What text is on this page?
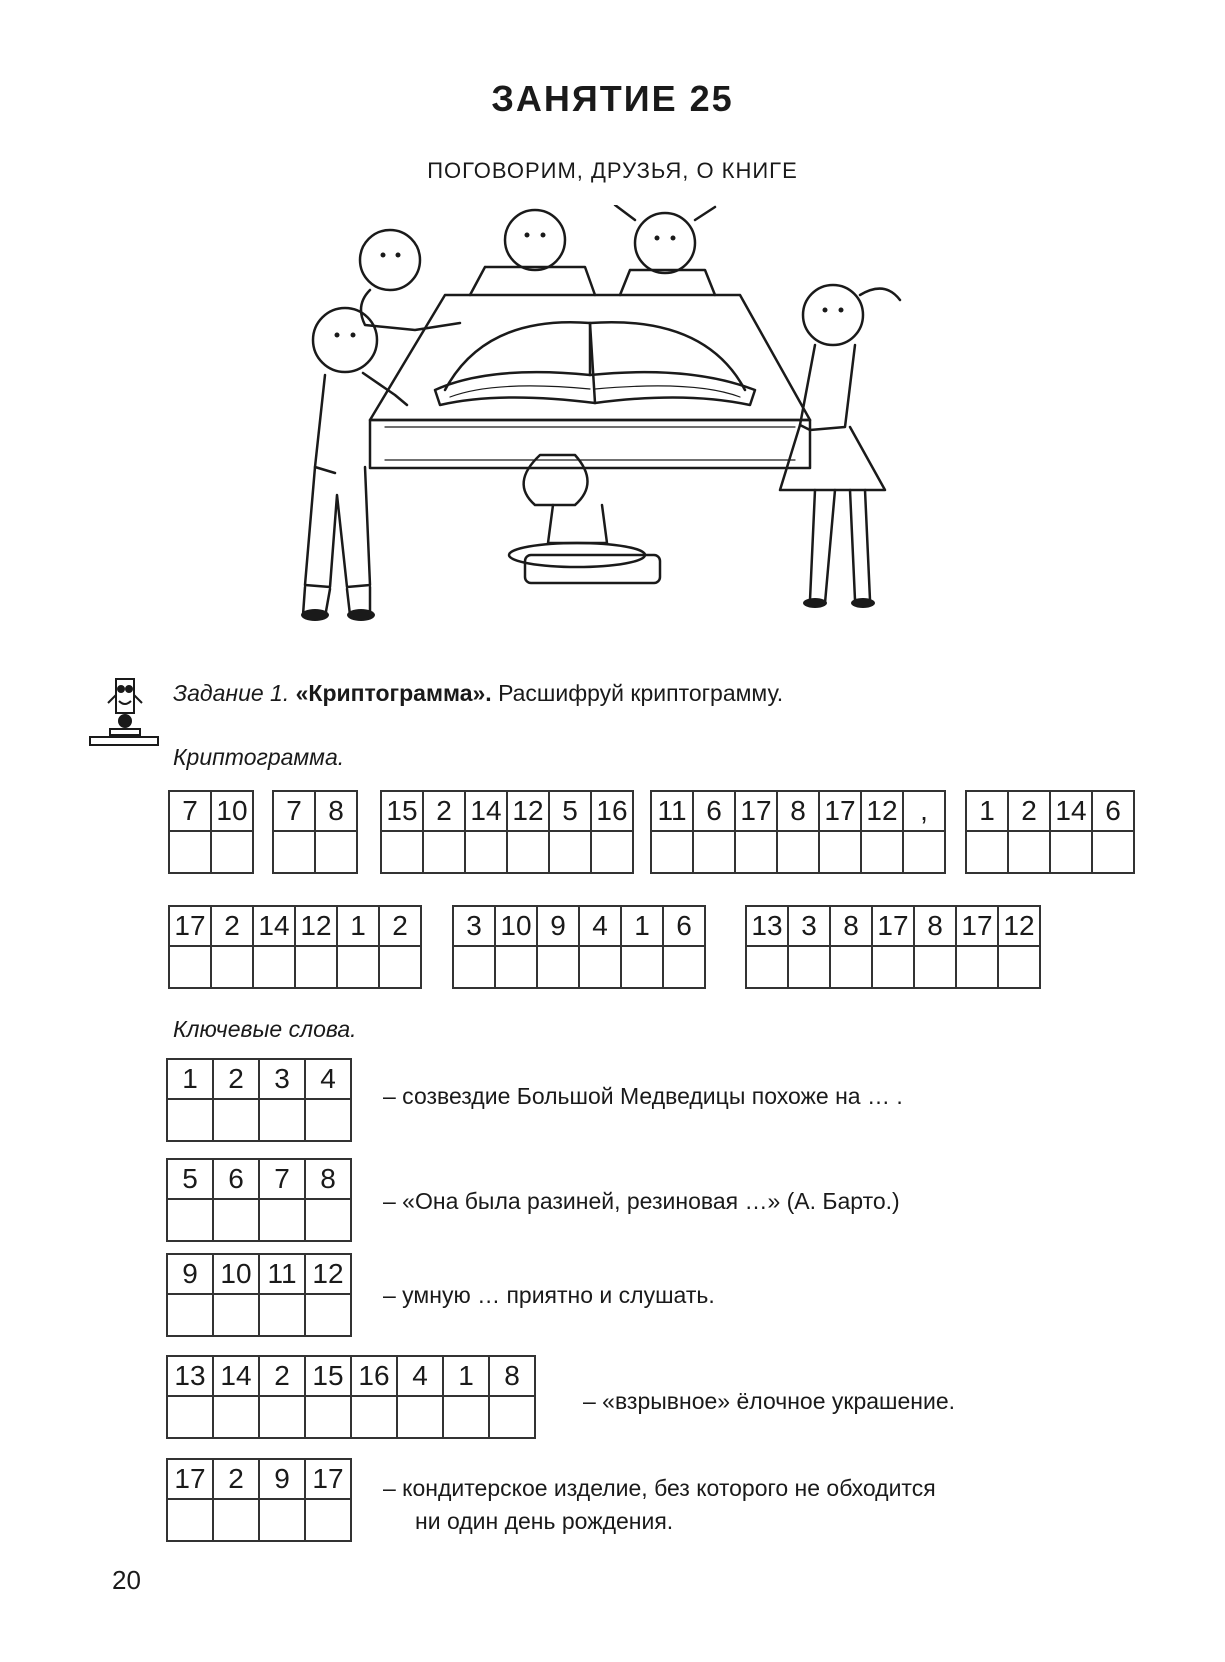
ЗАНЯТИЕ 25
ПОГОВОРИМ, ДРУЗЬЯ, О КНИГЕ
Задание 1. «Криптограмма». Расшифруй криптограмму.
Криптограмма.
7	10
	7	8
	15	2	14	12	5	16
					11	6	17	8	17	12	,
						1	2	14	6

17	2	14	12	1	2
					3	10	9	4	1	6
					13	3	8	17	8	17	12

Ключевые слова.
1	2	3	4

– созвездие Большой Медведицы похоже на … .
5	6	7	8

– «Она была разиней, резиновая …» (А. Барто.)
9	10	11	12

– умную … приятно и слушать.
13	14	2	15	16	4	1	8

– «взрывное» ёлочное украшение.
17	2	9	17
			– кондитерское изделие, без которого не обходится
ни один день рождения.
20
